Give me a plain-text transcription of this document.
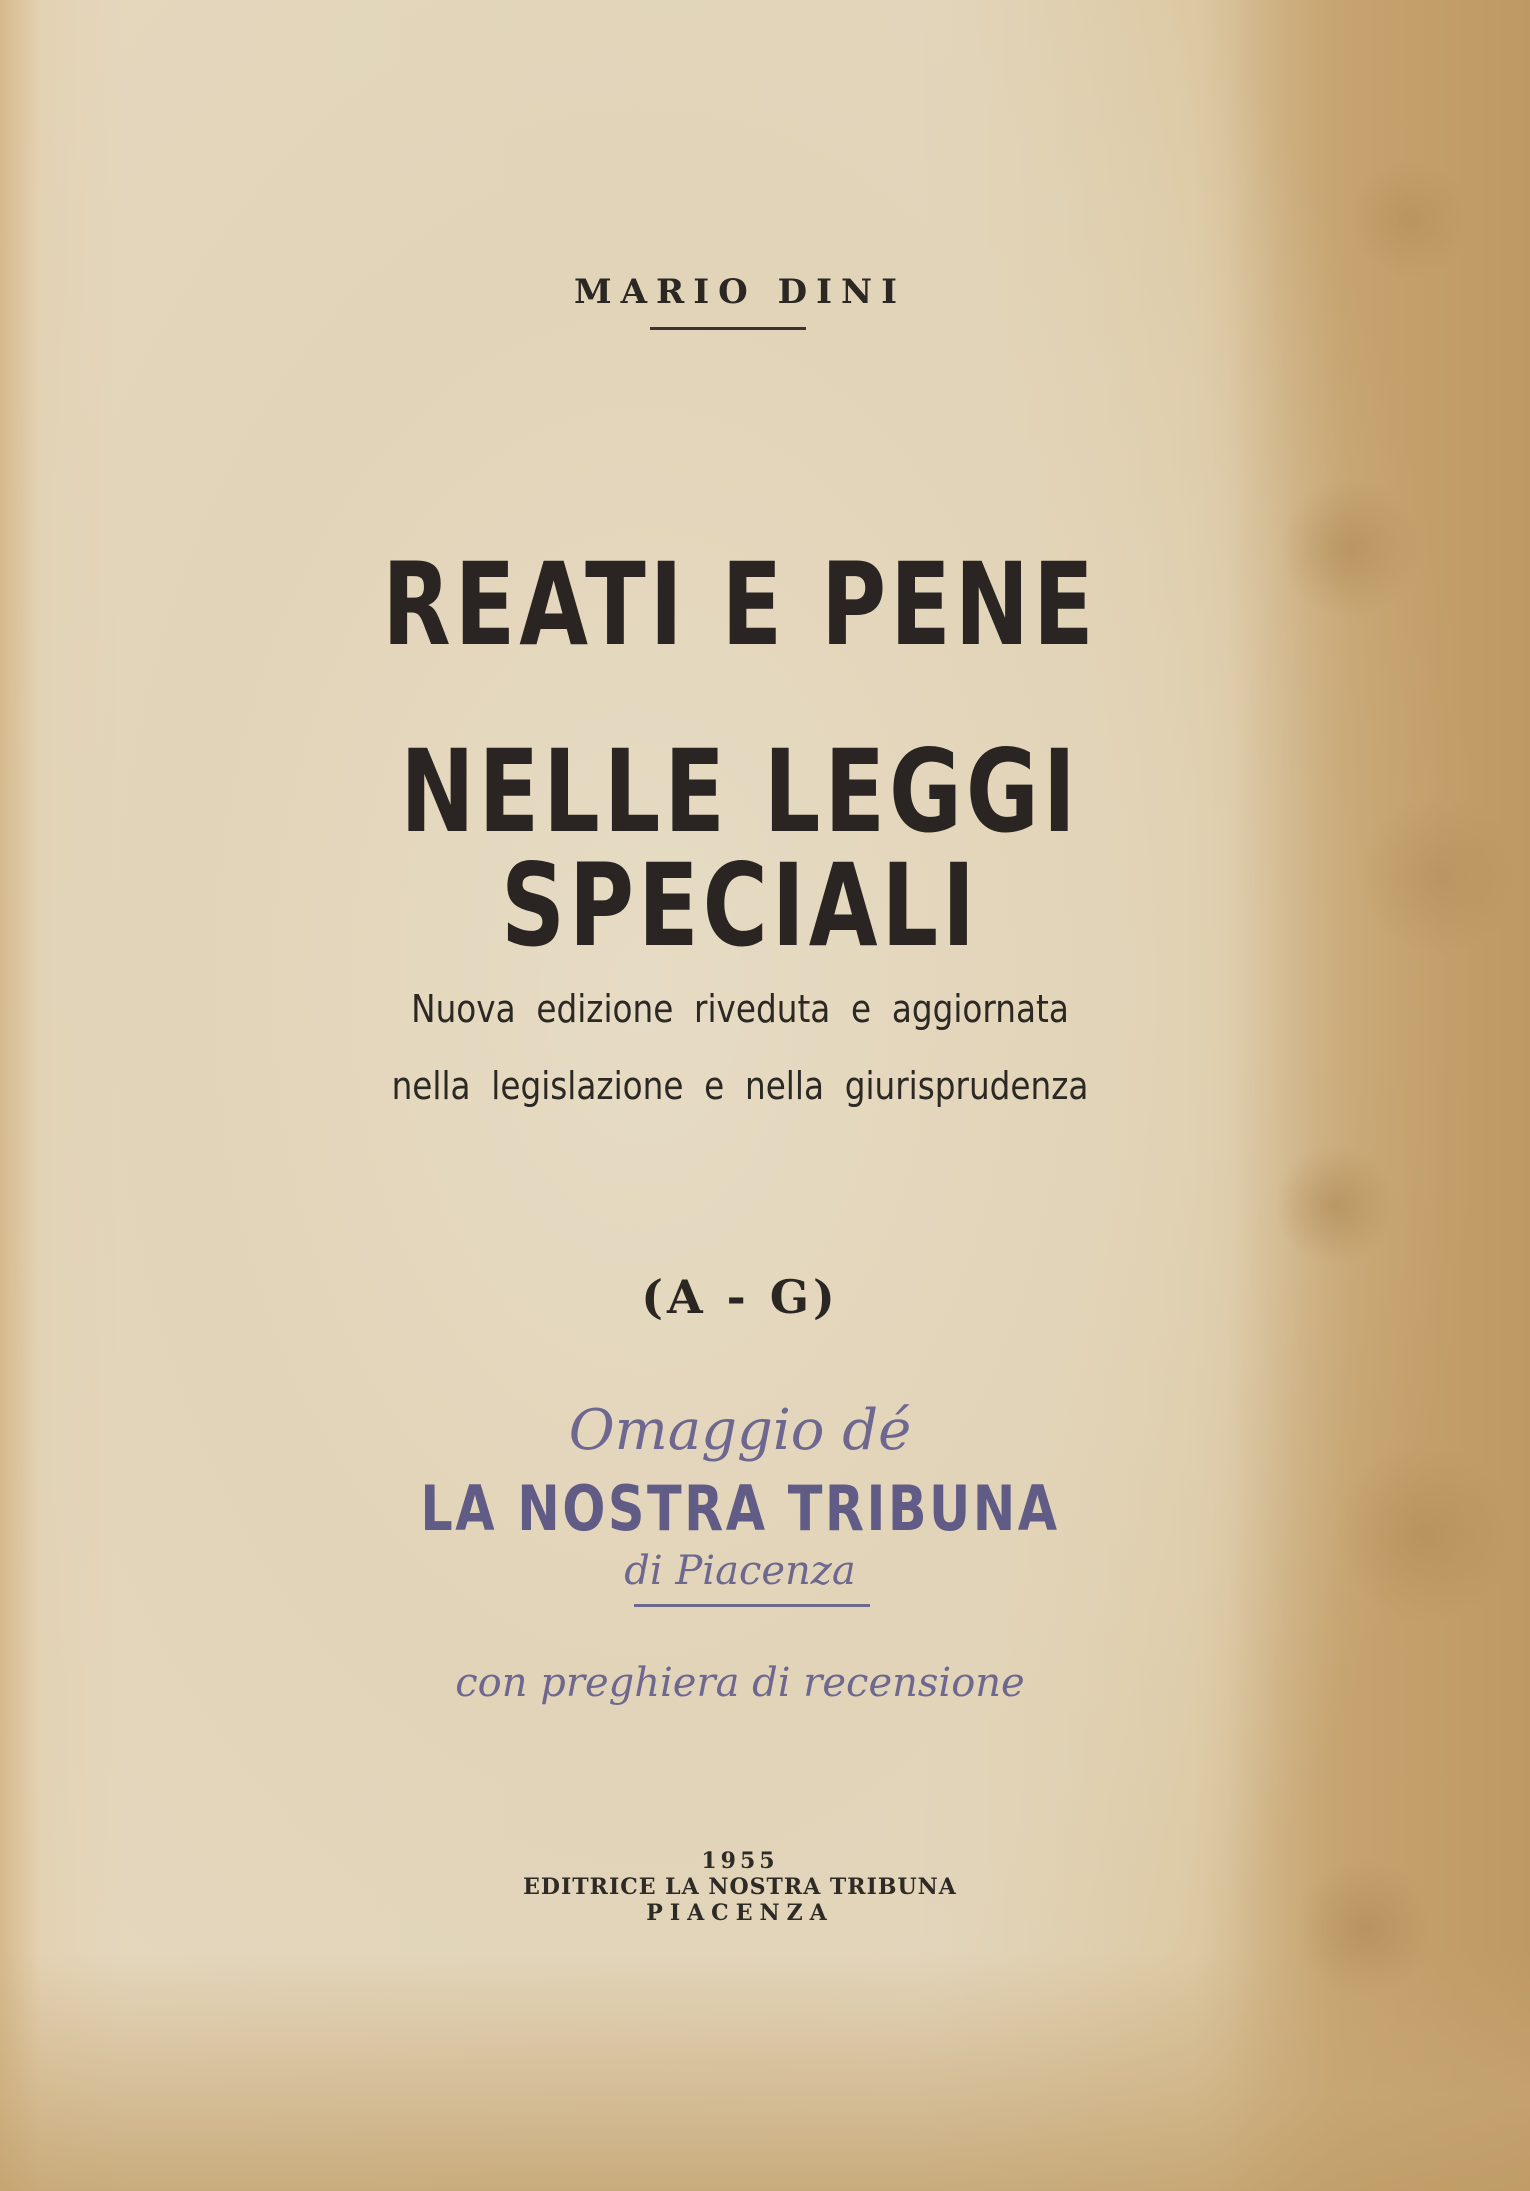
MARIO DINI

REATI E PENE

NELLE LEGGI SPECIALI

Nuova edizione riveduta e aggiornata

nella legislazione e nella giurisprudenza

(A - G)

Omaggio dé

LA NOSTRA TRIBUNA

di Piacenza

con preghiera di recensione

1955

EDITRICE LA NOSTRA TRIBUNA

PIACENZA
